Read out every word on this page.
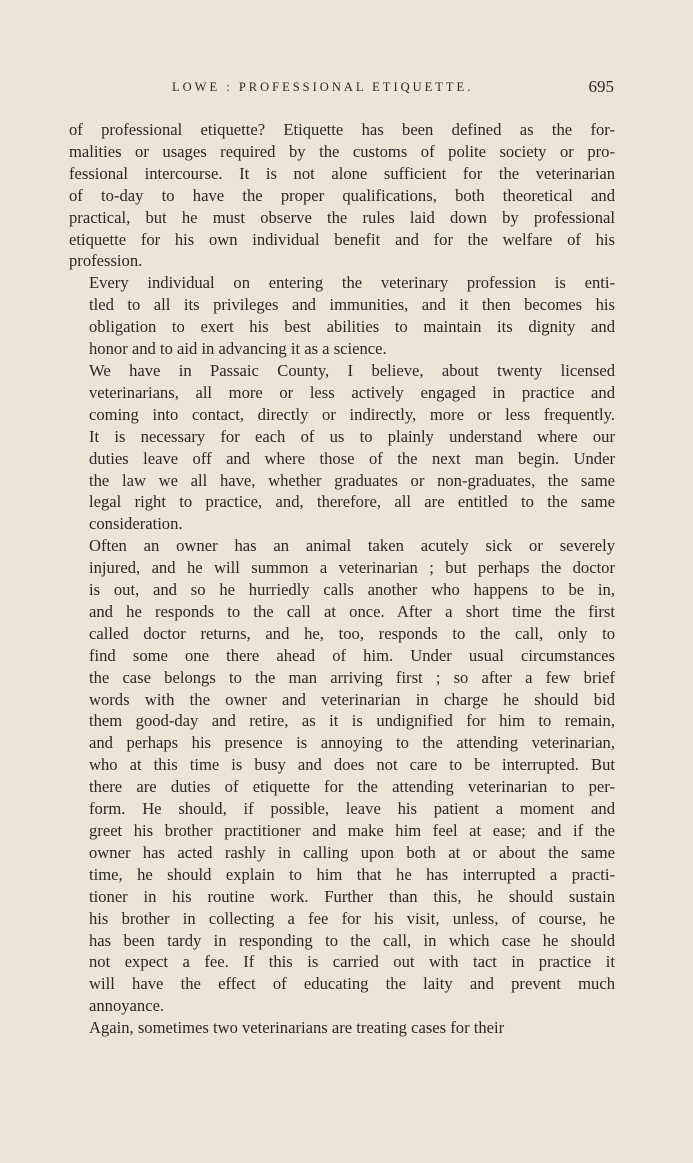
LOWE : PROFESSIONAL ETIQUETTE.	695

of professional etiquette? Etiquette has been defined as the for-
malities or usages required by the customs of polite society or pro-
fessional intercourse. It is not alone sufficient for the veterinarian
of to-day to have the proper qualifications, both theoretical and
practical, but he must observe the rules laid down by professional
etiquette for his own individual benefit and for the welfare of his
profession.

Every individual on entering the veterinary profession is enti-
tled to all its privileges and immunities, and it then becomes his
obligation to exert his best abilities to maintain its dignity and
honor and to aid in advancing it as a science.

We have in Passaic County, I believe, about twenty licensed
veterinarians, all more or less actively engaged in practice and
coming into contact, directly or indirectly, more or less frequently.
It is necessary for each of us to plainly understand where our
duties leave off and where those of the next man begin. Under
the law we all have, whether graduates or non-graduates, the same
legal right to practice, and, therefore, all are entitled to the same
consideration.

Often an owner has an animal taken acutely sick or severely
injured, and he will summon a veterinarian ; but perhaps the doctor
is out, and so he hurriedly calls another who happens to be in,
and he responds to the call at once. After a short time the first
called doctor returns, and he, too, responds to the call, only to
find some one there ahead of him. Under usual circumstances
the case belongs to the man arriving first ; so after a few brief
words with the owner and veterinarian in charge he should bid
them good-day and retire, as it is undignified for him to remain,
and perhaps his presence is annoying to the attending veterinarian,
who at this time is busy and does not care to be interrupted. But
there are duties of etiquette for the attending veterinarian to per-
form. He should, if possible, leave his patient a moment and
greet his brother practitioner and make him feel at ease; and if the
owner has acted rashly in calling upon both at or about the same
time, he should explain to him that he has interrupted a practi-
tioner in his routine work. Further than this, he should sustain
his brother in collecting a fee for his visit, unless, of course, he
has been tardy in responding to the call, in which case he should
not expect a fee. If this is carried out with tact in practice it
will have the effect of educating the laity and prevent much
annoyance.

Again, sometimes two veterinarians are treating cases for their
